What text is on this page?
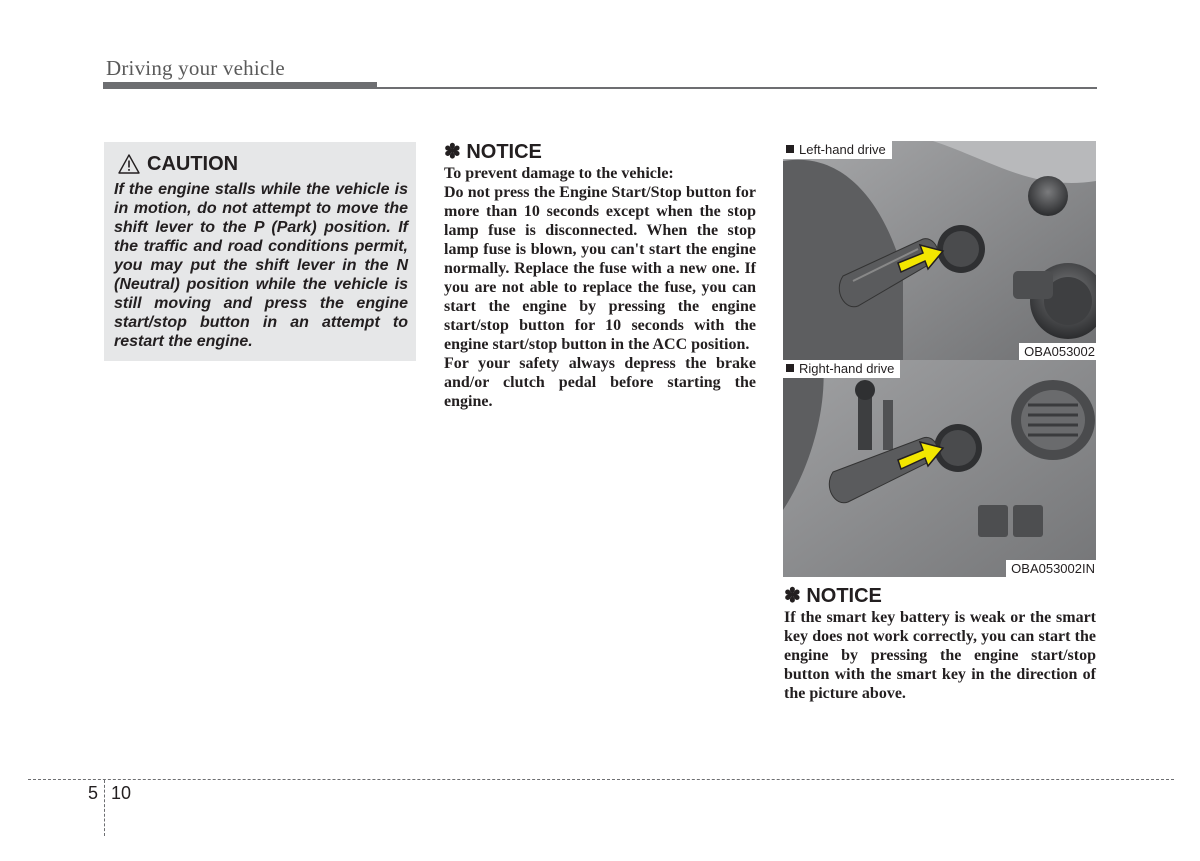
Driving your vehicle
CAUTION
If the engine stalls while the vehicle is in motion, do not attempt to move the shift lever to the P (Park) position. If the traffic and road conditions permit, you may put the shift lever in the N (Neutral) position while the vehicle is still moving and press the engine start/stop button in an attempt to restart the engine.
✽ NOTICE

To prevent damage to the vehicle:

Do not press the Engine Start/Stop button for more than 10 seconds except when the stop lamp fuse is disconnected. When the stop lamp fuse is blown, you can't start the engine normally. Replace the fuse with a new one. If you are not able to replace the fuse, you can start the engine by pressing the engine start/stop button for 10 seconds with the engine start/stop button in the ACC position.

For your safety always depress the brake and/or clutch pedal before starting the engine.

Left-hand drive
OBA053002
Right-hand drive
OBA053002IN
✽ NOTICE
If the smart key battery is weak or the smart key does not work correctly, you can start the engine by pressing the engine start/stop button with the smart key in the direction of the picture above.
5 10
